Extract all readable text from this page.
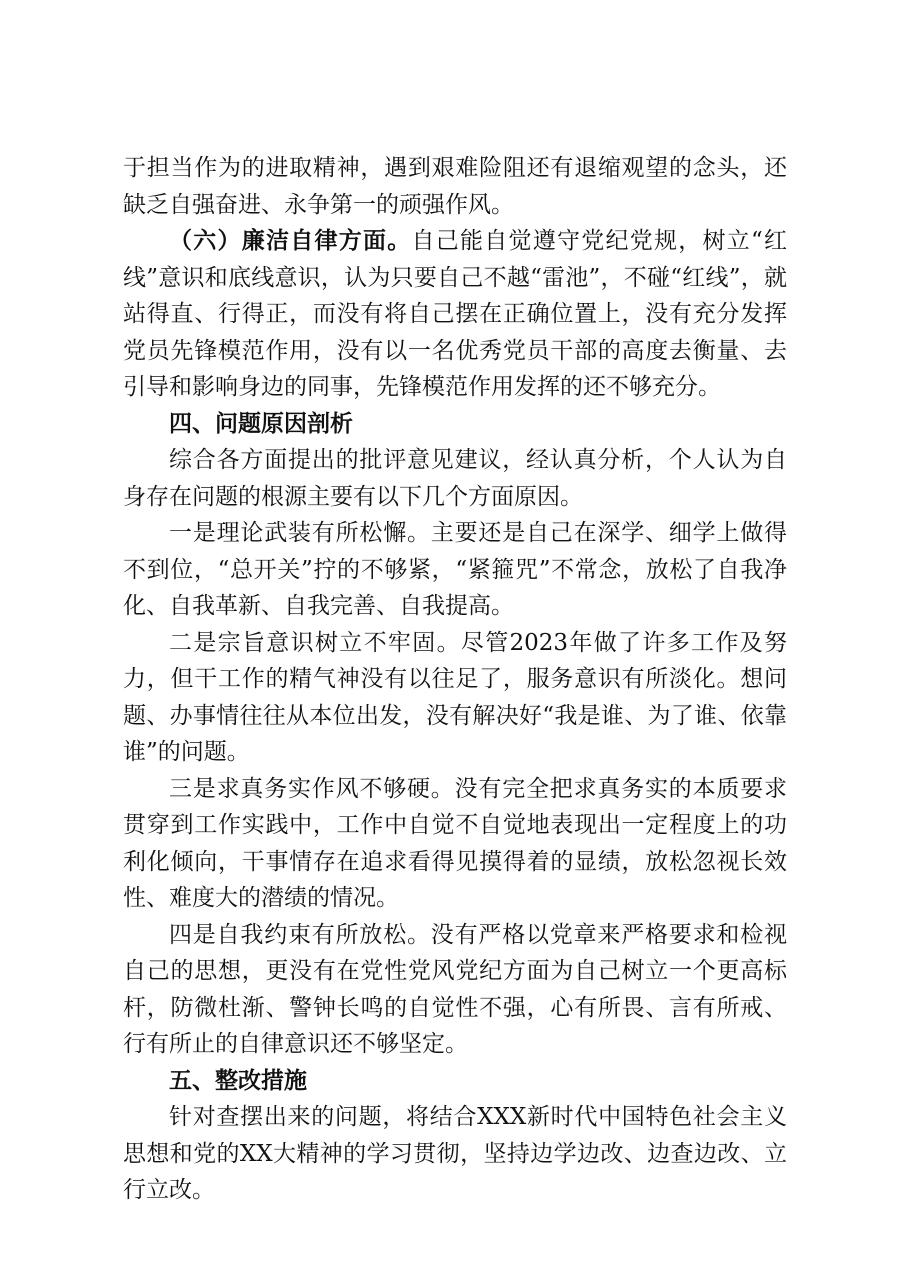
于担当作为的进取精神，遇到艰难险阻还有退缩观望的念头，还缺乏自强奋进、永争第一的顽强作风。

（六）廉洁自律方面。自己能自觉遵守党纪党规，树立“红线”意识和底线意识，认为只要自己不越“雷池”，不碰“红线”，就站得直、行得正，而没有将自己摆在正确位置上，没有充分发挥党员先锋模范作用，没有以一名优秀党员干部的高度去衡量、去引导和影响身边的同事，先锋模范作用发挥的还不够充分。

四、问题原因剖析

综合各方面提出的批评意见建议，经认真分析，个人认为自身存在问题的根源主要有以下几个方面原因。

一是理论武装有所松懈。主要还是自己在深学、细学上做得不到位，“总开关”拧的不够紧，“紧箍咒”不常念，放松了自我净化、自我革新、自我完善、自我提高。

二是宗旨意识树立不牢固。尽管2023年做了许多工作及努力，但干工作的精气神没有以往足了，服务意识有所淡化。想问题、办事情往往从本位出发，没有解决好“我是谁、为了谁、依靠谁”的问题。

三是求真务实作风不够硬。没有完全把求真务实的本质要求贯穿到工作实践中，工作中自觉不自觉地表现出一定程度上的功利化倾向，干事情存在追求看得见摸得着的显绩，放松忽视长效性、难度大的潜绩的情况。

四是自我约束有所放松。没有严格以党章来严格要求和检视自己的思想，更没有在党性党风党纪方面为自己树立一个更高标杆，防微杜渐、警钟长鸣的自觉性不强，心有所畏、言有所戒、行有所止的自律意识还不够坚定。

五、整改措施

针对查摆出来的问题，将结合XXX新时代中国特色社会主义思想和党的XX大精神的学习贯彻，坚持边学边改、边查边改、立行立改。
